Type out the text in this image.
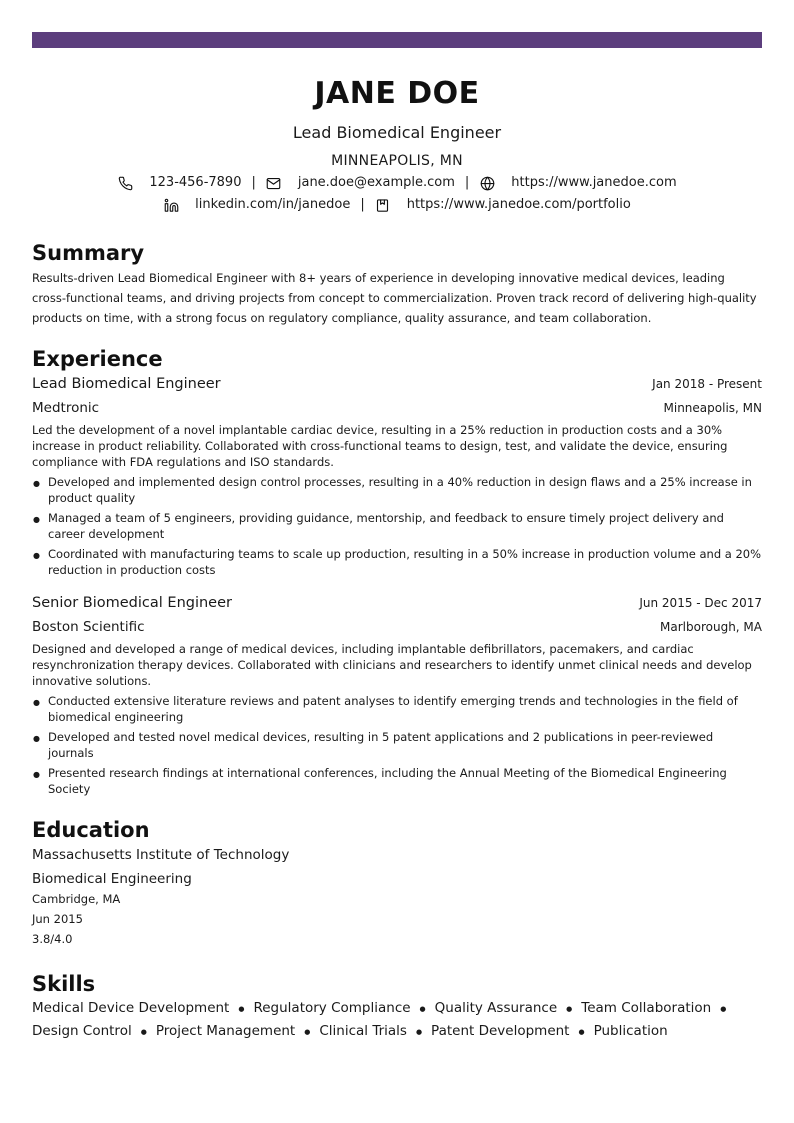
JANE DOE
Lead Biomedical Engineer
MINNEAPOLIS, MN
123-456-7890 |	jane.doe@example.com |	https://www.janedoe.com
linkedin.com/in/janedoe |	https://www.janedoe.com/portfolio
Summary
Results-driven Lead Biomedical Engineer with 8+ years of experience in developing innovative medical devices, leading cross-functional teams, and driving projects from concept to commercialization. Proven track record of delivering high-quality products on time, with a strong focus on regulatory compliance, quality assurance, and team collaboration.
Experience
Lead Biomedical Engineer	Jan 2018 - Present
Medtronic	Minneapolis, MN
Led the development of a novel implantable cardiac device, resulting in a 25% reduction in production costs and a 30% increase in product reliability. Collaborated with cross-functional teams to design, test, and validate the device, ensuring compliance with FDA regulations and ISO standards.
● Developed and implemented design control processes, resulting in a 40% reduction in design flaws and a 25% increase in product quality
● Managed a team of 5 engineers, providing guidance, mentorship, and feedback to ensure timely project delivery and career development
● Coordinated with manufacturing teams to scale up production, resulting in a 50% increase in production volume and a 20% reduction in production costs
Senior Biomedical Engineer	Jun 2015 - Dec 2017
Boston Scientific	Marlborough, MA
Designed and developed a range of medical devices, including implantable defibrillators, pacemakers, and cardiac resynchronization therapy devices. Collaborated with clinicians and researchers to identify unmet clinical needs and develop innovative solutions.
● Conducted extensive literature reviews and patent analyses to identify emerging trends and technologies in the field of biomedical engineering
● Developed and tested novel medical devices, resulting in 5 patent applications and 2 publications in peer-reviewed journals
● Presented research findings at international conferences, including the Annual Meeting of the Biomedical Engineering Society
Education
Massachusetts Institute of Technology
Biomedical Engineering
Cambridge, MA
Jun 2015
3.8/4.0
Skills
Medical Device Development ● Regulatory Compliance ● Quality Assurance ● Team Collaboration ●
Design Control ● Project Management ● Clinical Trials ● Patent Development ● Publication
